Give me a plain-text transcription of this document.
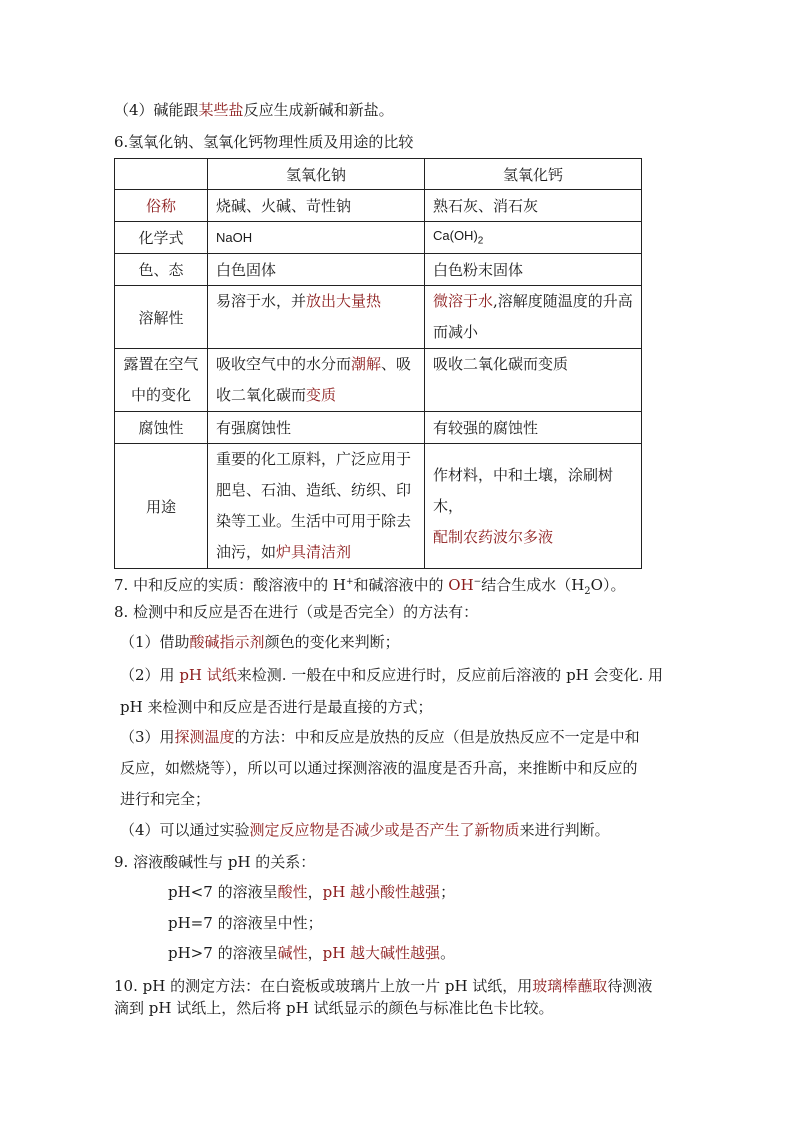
（4）碱能跟某些盐反应生成新碱和新盐。
6.氢氧化钠、氢氧化钙物理性质及用途的比较
	氢氧化钠	氢氧化钙
俗称	烧碱、火碱、苛性钠	熟石灰、消石灰
化学式	NaOH	$Ca(OH)_2$
色、态	白色固体	白色粉末固体
溶解性	易溶于水，并放出大量热	微溶于水,溶解度随温度的升高而减小
露置在空气中的变化	吸收空气中的水分而潮解、吸收二氧化碳而变质	吸收二氧化碳而变质
腐蚀性	有强腐蚀性	有较强的腐蚀性
用途	重要的化工原料，广泛应用于肥皂、石油、造纸、纺织、印染等工业。生活中可用于除去油污，如炉具清洁剂	作材料，中和土壤，涂刷树木，
配制农药波尔多液
7. 中和反应的实质：酸溶液中的 H+和碱溶液中的 OH−结合生成水$(H_2O)$。
8. 检测中和反应是否在进行（或是否完全）的方法有：
（1）借助酸碱指示剂颜色的变化来判断；
（2）用 pH 试纸来检测. 一般在中和反应进行时，反应前后溶液的 pH 会变化. 用
pH 来检测中和反应是否进行是最直接的方式；
（3）用探测温度的方法：中和反应是放热的反应（但是放热反应不一定是中和
反应，如燃烧等），所以可以通过探测溶液的温度是否升高，来推断中和反应的
进行和完全；
（4）可以通过实验测定反应物是否减少或是否产生了新物质来进行判断。
9. 溶液酸碱性与 pH 的关系：
pH<7 的溶液呈酸性，pH 越小酸性越强；
pH=7 的溶液呈中性；
pH>7 的溶液呈碱性，pH 越大碱性越强。
10. pH 的测定方法：在白瓷板或玻璃片上放一片 pH 试纸，用玻璃棒蘸取待测液
滴到 pH 试纸上，然后将 pH 试纸显示的颜色与标准比色卡比较。
